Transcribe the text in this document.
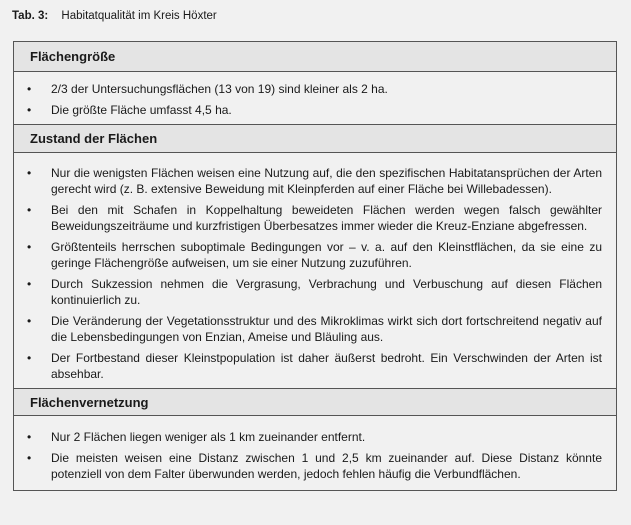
Tab. 3: Habitatqualität im Kreis Höxter
Flächengröße
• 2/3 der Untersuchungsflächen (13 von 19) sind kleiner als 2 ha.
• Die größte Fläche umfasst 4,5 ha.
Zustand der Flächen
• Nur die wenigsten Flächen weisen eine Nutzung auf, die den spezifischen Habitatansprüchen der Arten gerecht wird (z. B. extensive Beweidung mit Kleinpferden auf einer Fläche bei Willebadessen).
• Bei den mit Schafen in Koppelhaltung beweideten Flächen werden wegen falsch gewählter Beweidungszeiträume und kurzfristigen Überbesatzes immer wieder die Kreuz-Enziane abgefressen.
• Größtenteils herrschen suboptimale Bedingungen vor – v. a. auf den Kleinstflächen, da sie eine zu geringe Flächengröße aufweisen, um sie einer Nutzung zuzuführen.
• Durch Sukzession nehmen die Vergrasung, Verbrachung und Verbuschung auf diesen Flächen kontinuierlich zu.
• Die Veränderung der Vegetationsstruktur und des Mikroklimas wirkt sich dort fortschreitend negativ auf die Lebensbedingungen von Enzian, Ameise und Bläuling aus.
• Der Fortbestand dieser Kleinstpopulation ist daher äußerst bedroht. Ein Verschwinden der Arten ist absehbar.
Flächenvernetzung
• Nur 2 Flächen liegen weniger als 1 km zueinander entfernt.
• Die meisten weisen eine Distanz zwischen 1 und 2,5 km zueinander auf. Diese Distanz könnte potenziell von dem Falter überwunden werden, jedoch fehlen häufig die Verbundflächen.
